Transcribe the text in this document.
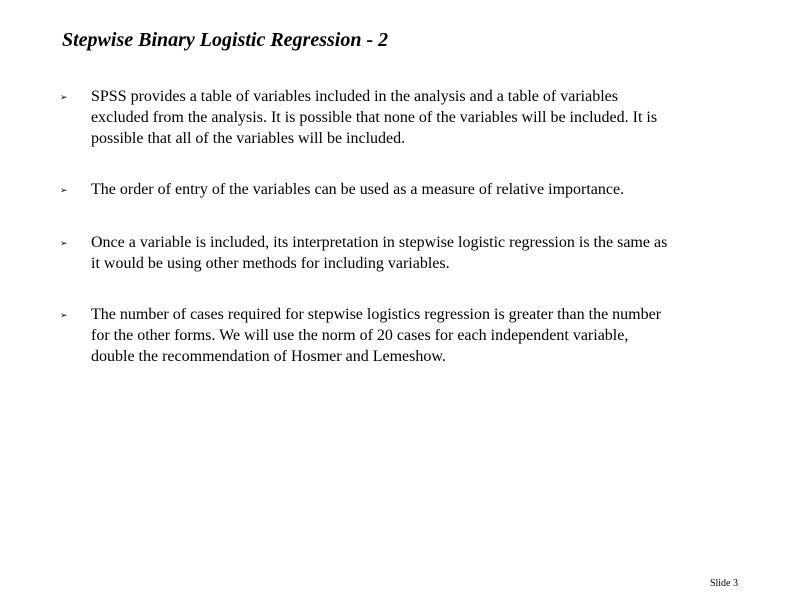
Stepwise Binary Logistic Regression - 2
➢ SPSS provides a table of variables included in the analysis and a table of variables
excluded from the analysis. It is possible that none of the variables will be included. It is
possible that all of the variables will be included.
➢ The order of entry of the variables can be used as a measure of relative importance.
➢ Once a variable is included, its interpretation in stepwise logistic regression is the same as
it would be using other methods for including variables.
➢ The number of cases required for stepwise logistics regression is greater than the number
for the other forms. We will use the norm of 20 cases for each independent variable,
double the recommendation of Hosmer and Lemeshow.
Slide 3
